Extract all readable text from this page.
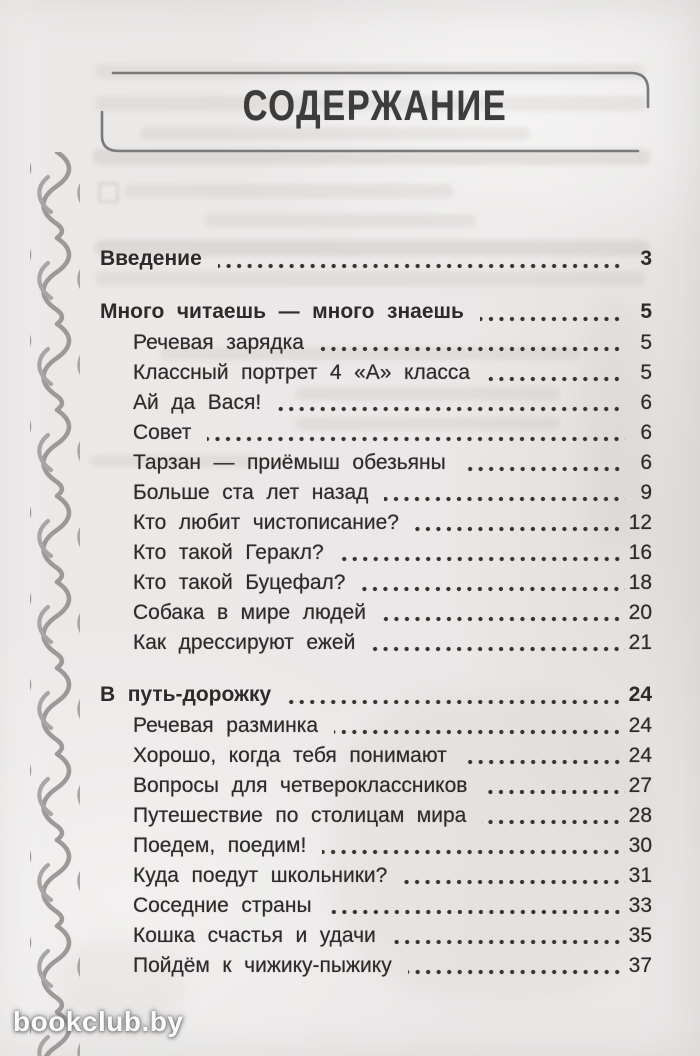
СОДЕРЖАНИЕ
Введение	3
Много читаешь — много знаешь	5
Речевая зарядка	5
Классный портрет 4 «А» класса	5
Ай да Вася!	6
Совет	6
Тарзан — приёмыш обезьяны	6
Больше ста лет назад	9
Кто любит чистописание?	12
Кто такой Геракл?	16
Кто такой Буцефал?	18
Собака в мире людей	20
Как дрессируют ежей	21
В путь-дорожку	24
Речевая разминка	24
Хорошо, когда тебя понимают	24
Вопросы для четвероклассников	27
Путешествие по столицам мира	28
Поедем, поедим!	30
Куда поедут школьники?	31
Соседние страны	33
Кошка счастья и удачи	35
Пойдём к чижику-пыжику	37
bookclub.by
